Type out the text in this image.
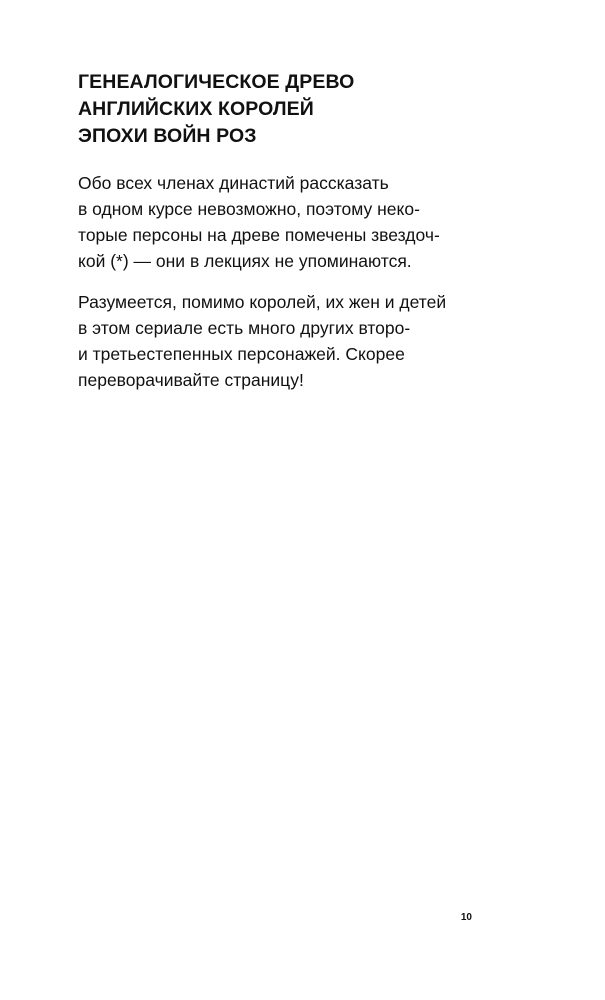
ГЕНЕАЛОГИЧЕСКОЕ ДРЕВО
АНГЛИЙСКИХ КОРОЛЕЙ
ЭПОХИ ВОЙН РОЗ

Обо всех членах династий рассказать
в одном курсе невозможно, поэтому неко-
торые персоны на древе помечены звездоч-
кой (*) — они в лекциях не упоминаются.

Разумеется, помимо королей, их жен и детей
в этом сериале есть много других второ-
и третьестепенных персонажей. Скорее
переворачивайте страницу!

10
